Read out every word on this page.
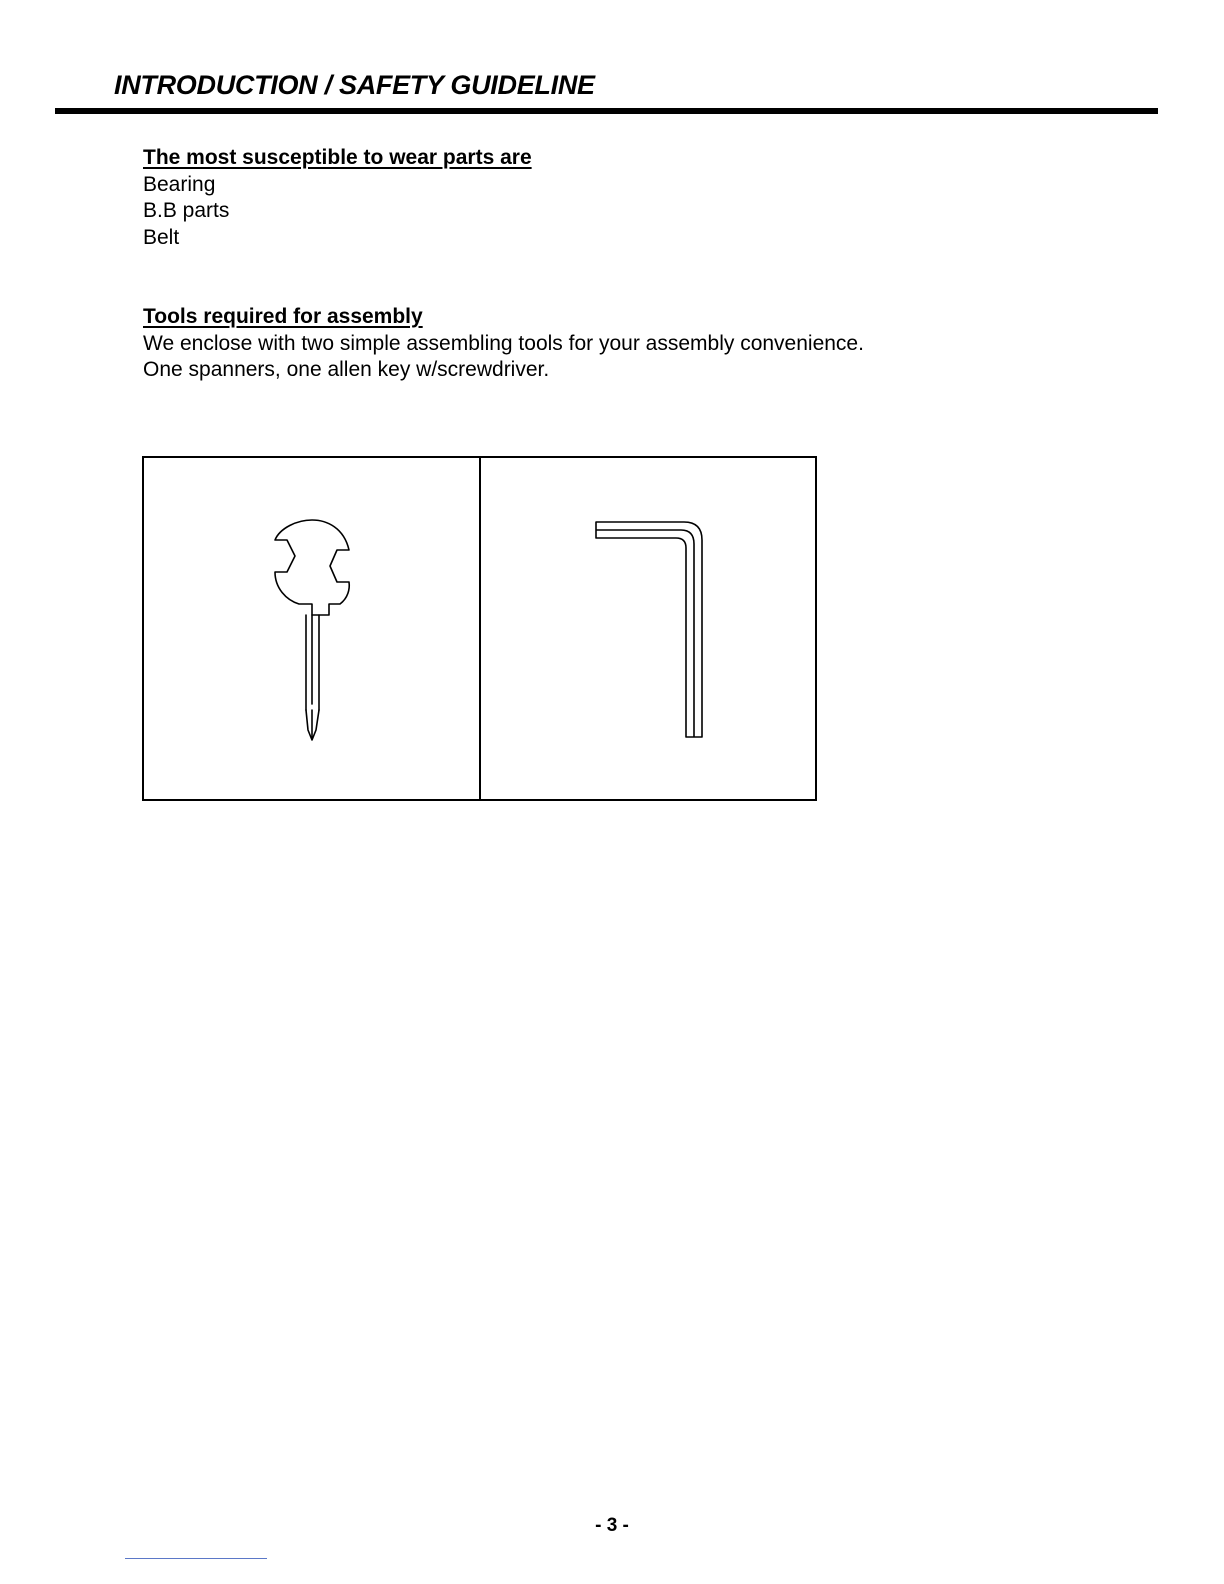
INTRODUCTION / SAFETY GUIDELINE
The most susceptible to wear parts are
Bearing
B.B parts
Belt
Tools required for assembly
We enclose with two simple assembling tools for your assembly convenience.
One spanners, one allen key w/screwdriver.
- 3 -
